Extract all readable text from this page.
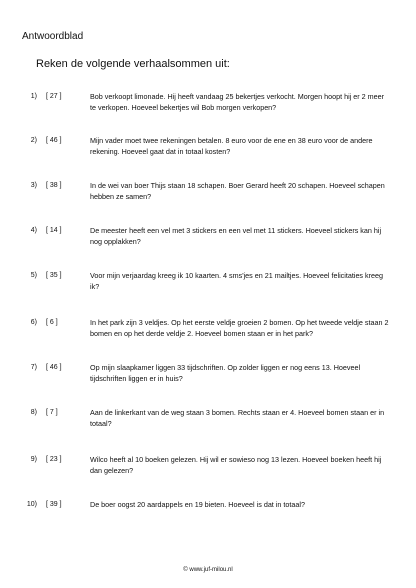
Antwoordblad
Reken de volgende verhaalsommen uit:
1) [ 27 ]	Bob verkoopt limonade. Hij heeft vandaag 25 bekertjes verkocht. Morgen hoopt hij er 2 meer te verkopen. Hoeveel bekertjes wil Bob morgen verkopen?
2) [ 46 ]	Mijn vader moet twee rekeningen betalen. 8 euro voor de ene en 38 euro voor de andere rekening. Hoeveel gaat dat in totaal kosten?
3) [ 38 ]	In de wei van boer Thijs staan 18 schapen. Boer Gerard heeft 20 schapen. Hoeveel schapen hebben ze samen?
4) [ 14 ]	De meester heeft een vel met 3 stickers en een vel met 11 stickers. Hoeveel stickers kan hij nog opplakken?
5) [ 35 ]	Voor mijn verjaardag kreeg ik 10 kaarten. 4 sms'jes en 21 mailtjes. Hoeveel felicitaties kreeg ik?
6) [ 6 ]	In het park zijn 3 veldjes. Op het eerste veldje groeien 2 bomen. Op het tweede veldje staan 2 bomen en op het derde veldje 2. Hoeveel bomen staan er in het park?
7) [ 46 ]	Op mijn slaapkamer liggen 33 tijdschriften. Op zolder liggen er nog eens 13. Hoeveel tijdschriften liggen er in huis?
8) [ 7 ]	Aan de linkerkant van de weg staan 3 bomen. Rechts staan er 4. Hoeveel bomen staan er in totaal?
9) [ 23 ]	Wilco heeft al 10 boeken gelezen. Hij wil er sowieso nog 13 lezen. Hoeveel boeken heeft hij dan gelezen?
10) [ 39 ]	De boer oogst 20 aardappels en 19 bieten. Hoeveel is dat in totaal?
© www.juf-milou.nl
